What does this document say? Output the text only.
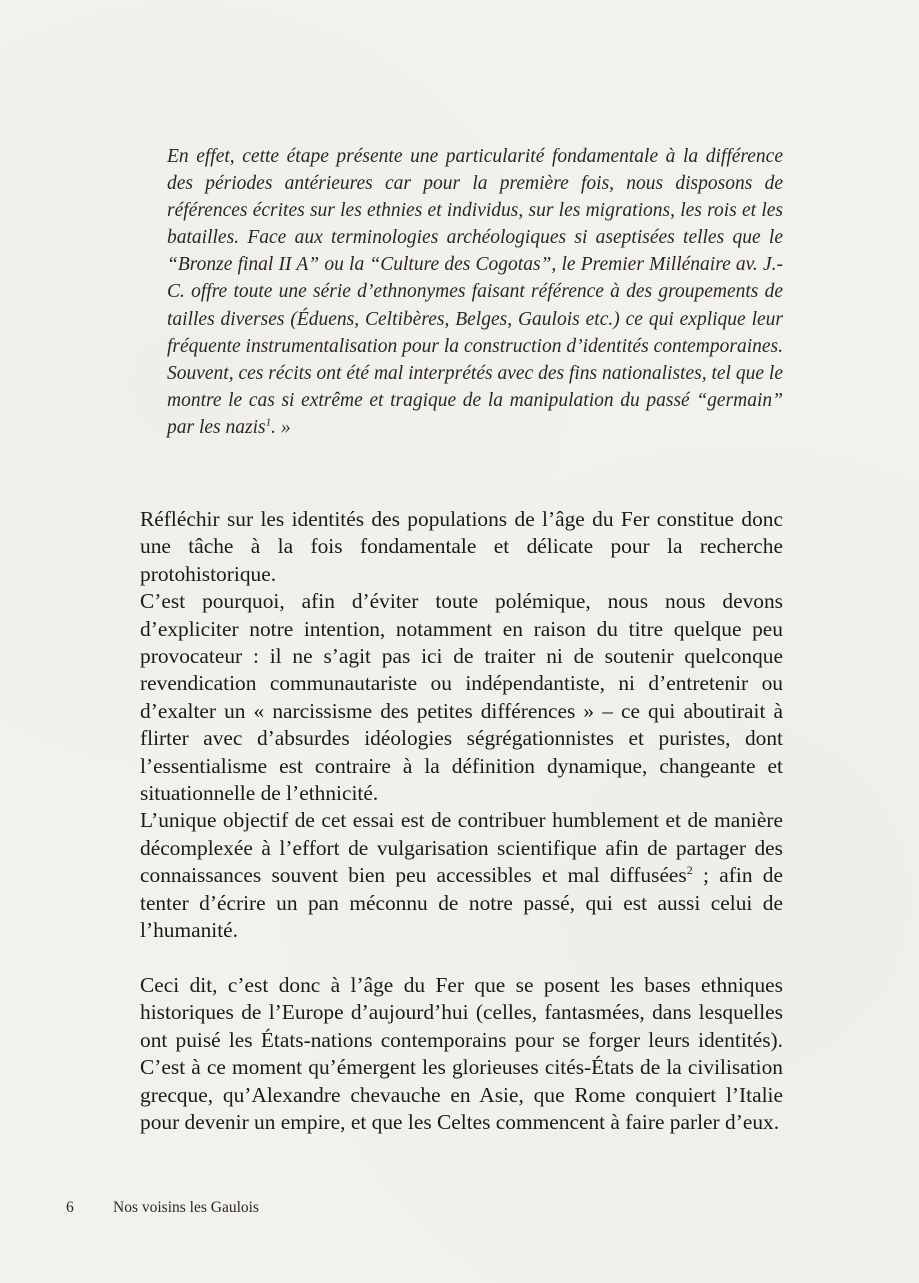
En effet, cette étape présente une particularité fondamentale à la différence des périodes antérieures car pour la première fois, nous disposons de références écrites sur les ethnies et individus, sur les migrations, les rois et les batailles. Face aux terminologies archéologiques si aseptisées telles que le “Bronze final II A” ou la “Culture des Cogotas”, le Premier Millénaire av. J.-C. offre toute une série d’ethnonymes faisant référence à des groupements de tailles diverses (Éduens, Celtibères, Belges, Gaulois etc.) ce qui explique leur fréquente instrumentalisation pour la construction d’identités contemporaines. Souvent, ces récits ont été mal interprétés avec des fins nationalistes, tel que le montre le cas si extrême et tragique de la manipulation du passé “germain” par les nazis$^1$. »

Réfléchir sur les identités des populations de l’âge du Fer constitue donc une tâche à la fois fondamentale et délicate pour la recherche protohistorique.

C’est pourquoi, afin d’éviter toute polémique, nous nous devons d’expliciter notre intention, notamment en raison du titre quelque peu provocateur : il ne s’agit pas ici de traiter ni de soutenir quelconque revendication communautariste ou indépendantiste, ni d’entretenir ou d’exalter un « narcissisme des petites différences » – ce qui aboutirait à flirter avec d’absurdes idéologies ségrégationnistes et puristes, dont l’essentialisme est contraire à la définition dynamique, changeante et situationnelle de l’ethnicité.

L’unique objectif de cet essai est de contribuer humblement et de manière décomplexée à l’effort de vulgarisation scientifique afin de partager des connaissances souvent bien peu accessibles et mal diffusées$^2$ ; afin de tenter d’écrire un pan méconnu de notre passé, qui est aussi celui de l’humanité.

Ceci dit, c’est donc à l’âge du Fer que se posent les bases ethniques historiques de l’Europe d’aujourd’hui (celles, fantasmées, dans lesquelles ont puisé les États-nations contemporains pour se forger leurs identités). C’est à ce moment qu’émergent les glorieuses cités-États de la civilisation grecque, qu’Alexandre chevauche en Asie, que Rome conquiert l’Italie pour devenir un empire, et que les Celtes commencent à faire parler d’eux.

6	Nos voisins les Gaulois
